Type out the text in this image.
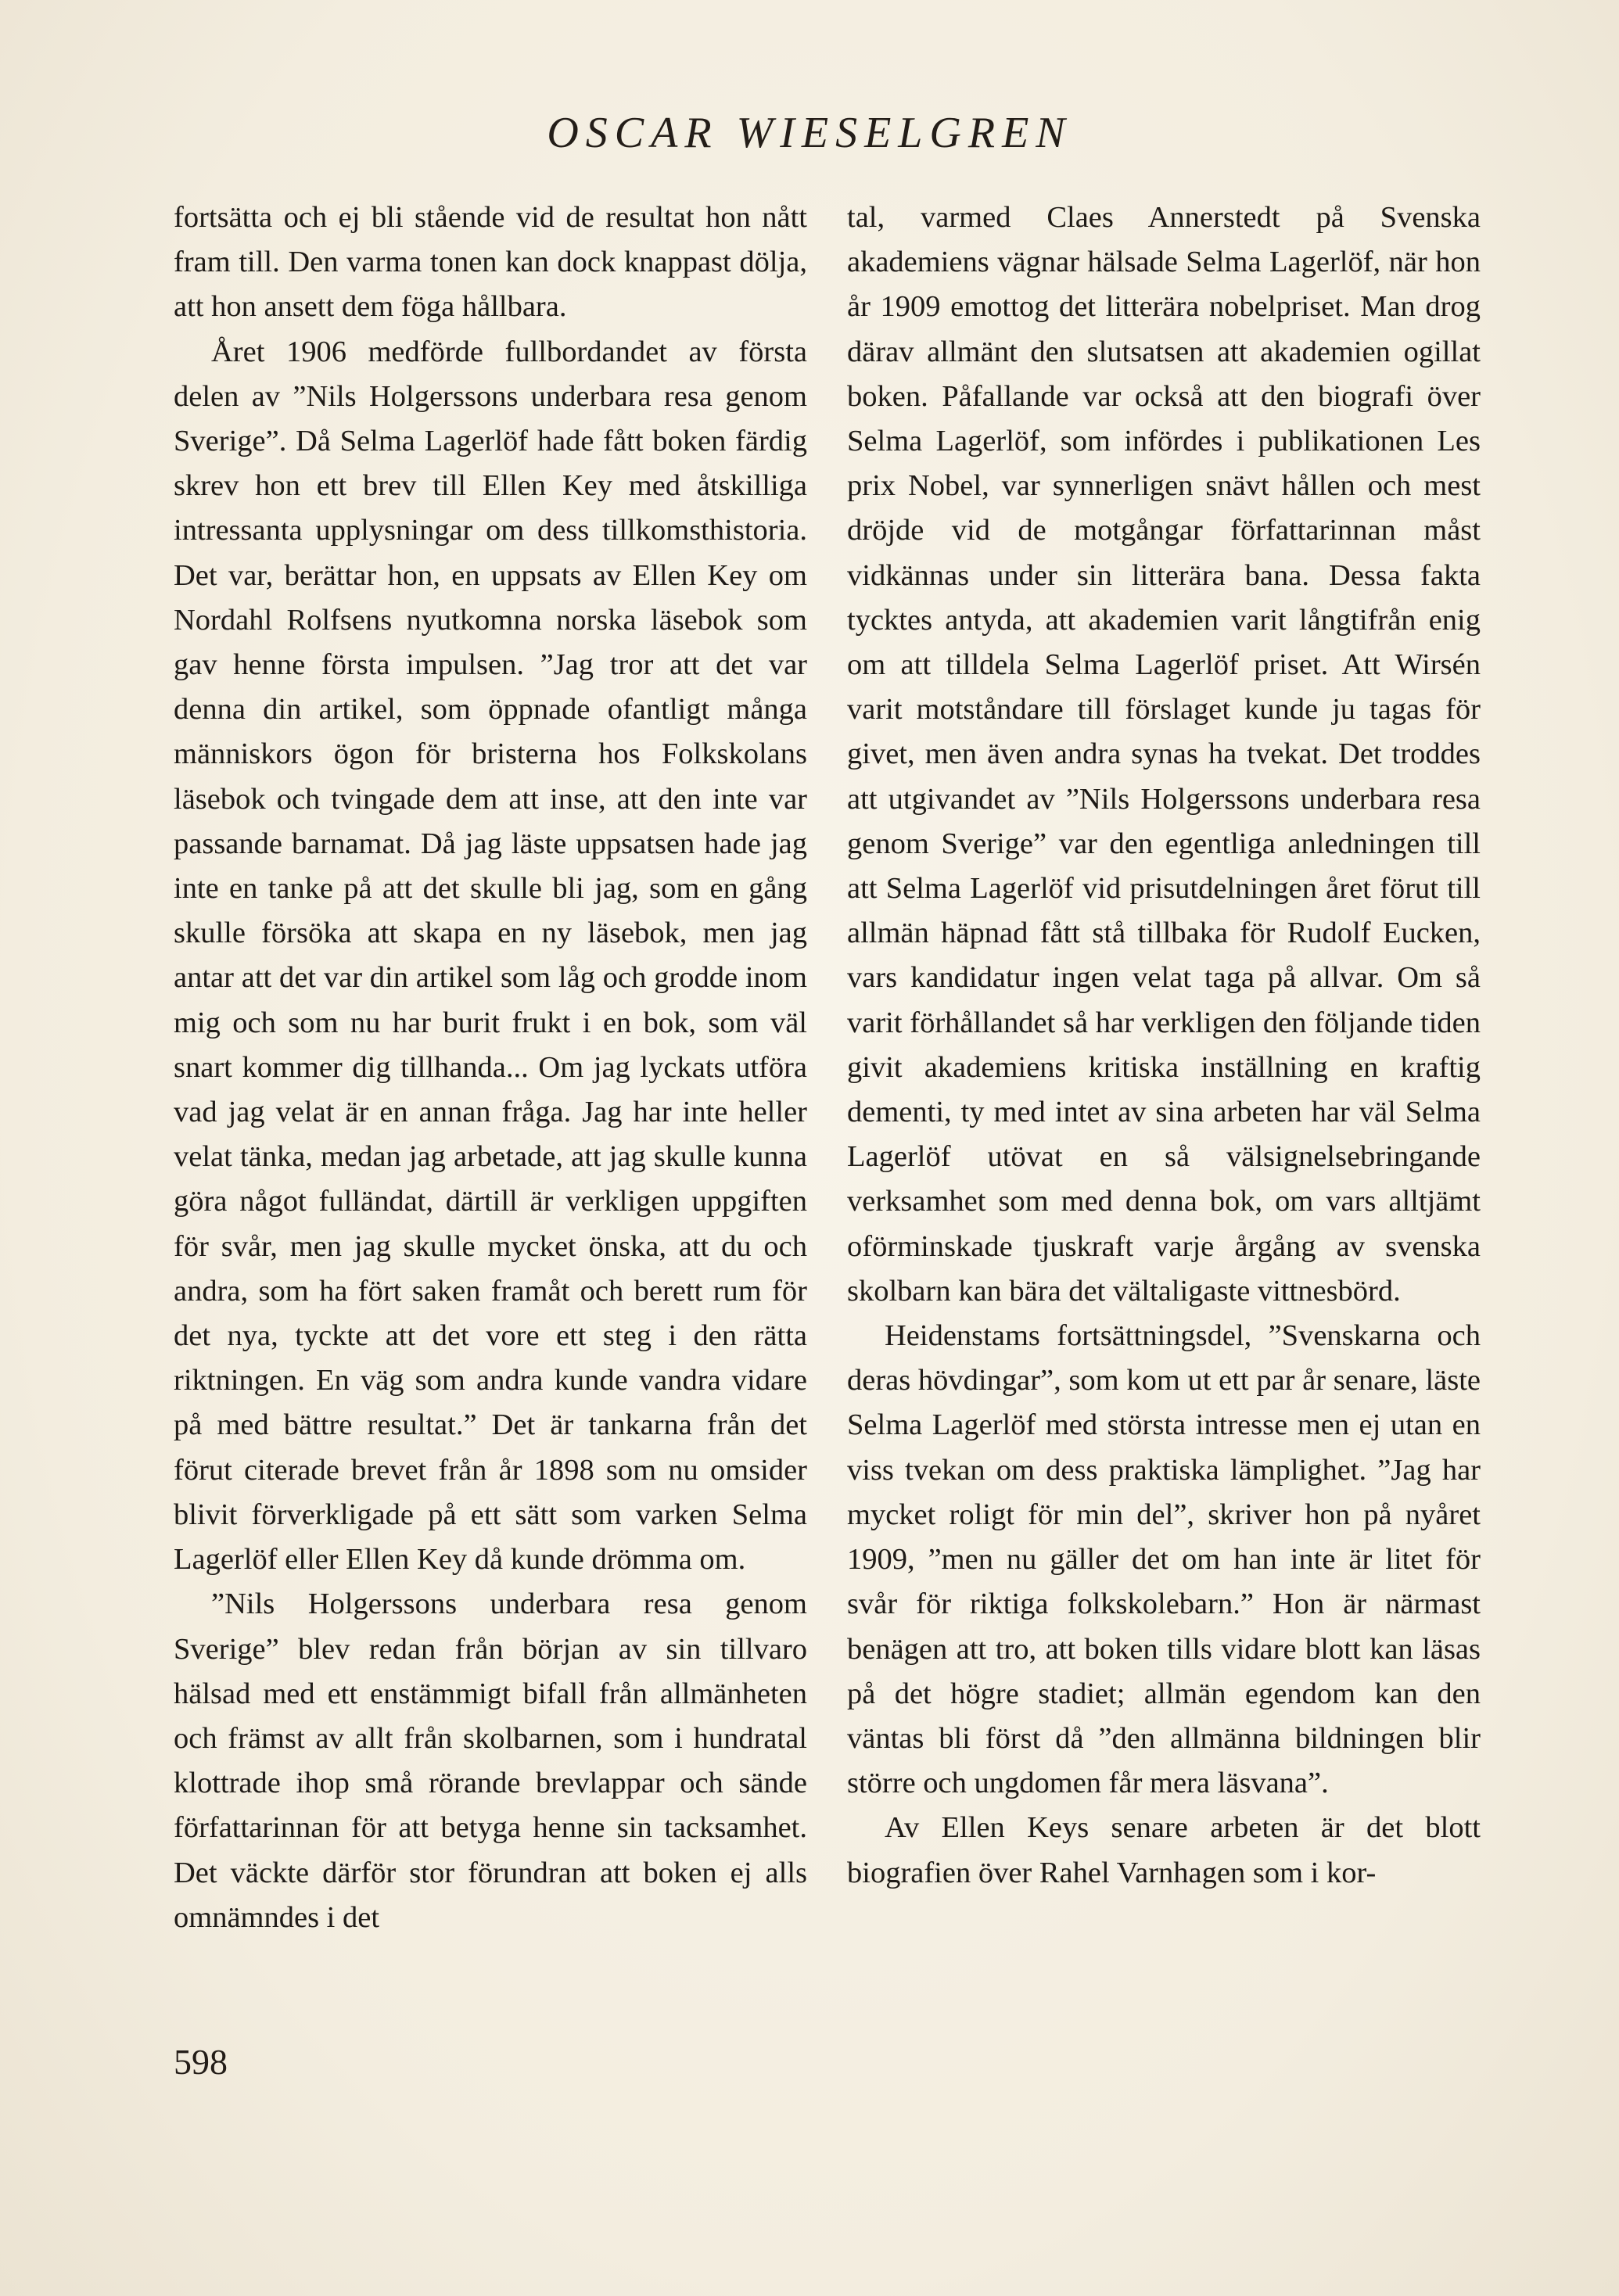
OSCAR WIESELGREN

fortsätta och ej bli stående vid de resultat hon nått fram till. Den varma tonen kan dock knappast dölja, att hon ansett dem föga hållbara.

Året 1906 medförde fullbordandet av första delen av ”Nils Holgerssons underbara resa genom Sverige”. Då Selma Lagerlöf hade fått boken färdig skrev hon ett brev till Ellen Key med åtskilliga intressanta upplysningar om dess tillkomsthistoria. Det var, berättar hon, en uppsats av Ellen Key om Nordahl Rolfsens nyutkomna norska läsebok som gav henne första impulsen. ”Jag tror att det var denna din artikel, som öppnade ofantligt många människors ögon för bristerna hos Folkskolans läsebok och tvingade dem att inse, att den inte var passande barnamat. Då jag läste uppsatsen hade jag inte en tanke på att det skulle bli jag, som en gång skulle försöka att skapa en ny läsebok, men jag antar att det var din artikel som låg och grodde inom mig och som nu har burit frukt i en bok, som väl snart kommer dig tillhanda... Om jag lyckats utföra vad jag velat är en annan fråga. Jag har inte heller velat tänka, medan jag arbetade, att jag skulle kunna göra något fulländat, därtill är verkligen uppgiften för svår, men jag skulle mycket önska, att du och andra, som ha fört saken framåt och berett rum för det nya, tyckte att det vore ett steg i den rätta riktningen. En väg som andra kunde vandra vidare på med bättre resultat.” Det är tankarna från det förut citerade brevet från år 1898 som nu omsider blivit förverkligade på ett sätt som varken Selma Lagerlöf eller Ellen Key då kunde drömma om.

”Nils Holgerssons underbara resa genom Sverige” blev redan från början av sin tillvaro hälsad med ett enstämmigt bifall från allmänheten och främst av allt från skolbarnen, som i hundratal klottrade ihop små rörande brevlappar och sände författarinnan för att betyga henne sin tacksamhet. Det väckte därför stor förundran att boken ej alls omnämndes i det

tal, varmed Claes Annerstedt på Svenska akademiens vägnar hälsade Selma Lagerlöf, när hon år 1909 emottog det litterära nobelpriset. Man drog därav allmänt den slutsatsen att akademien ogillat boken. Påfallande var också att den biografi över Selma Lagerlöf, som infördes i publikationen Les prix Nobel, var synnerligen snävt hållen och mest dröjde vid de motgångar författarinnan måst vidkännas under sin litterära bana. Dessa fakta tycktes antyda, att akademien varit långtifrån enig om att tilldela Selma Lagerlöf priset. Att Wirsén varit motståndare till förslaget kunde ju tagas för givet, men även andra synas ha tvekat. Det troddes att utgivandet av ”Nils Holgerssons underbara resa genom Sverige” var den egentliga anledningen till att Selma Lagerlöf vid prisutdelningen året förut till allmän häpnad fått stå tillbaka för Rudolf Eucken, vars kandidatur ingen velat taga på allvar. Om så varit förhållandet så har verkligen den följande tiden givit akademiens kritiska inställning en kraftig dementi, ty med intet av sina arbeten har väl Selma Lagerlöf utövat en så välsignelsebringande verksamhet som med denna bok, om vars alltjämt oförminskade tjuskraft varje årgång av svenska skolbarn kan bära det vältaligaste vittnesbörd.

Heidenstams fortsättningsdel, ”Svenskarna och deras hövdingar”, som kom ut ett par år senare, läste Selma Lagerlöf med största intresse men ej utan en viss tvekan om dess praktiska lämplighet. ”Jag har mycket roligt för min del”, skriver hon på nyåret 1909, ”men nu gäller det om han inte är litet för svår för riktiga folkskolebarn.” Hon är närmast benägen att tro, att boken tills vidare blott kan läsas på det högre stadiet; allmän egendom kan den väntas bli först då ”den allmänna bildningen blir större och ungdomen får mera läsvana”.

Av Ellen Keys senare arbeten är det blott biografien över Rahel Varnhagen som i kor-

598
